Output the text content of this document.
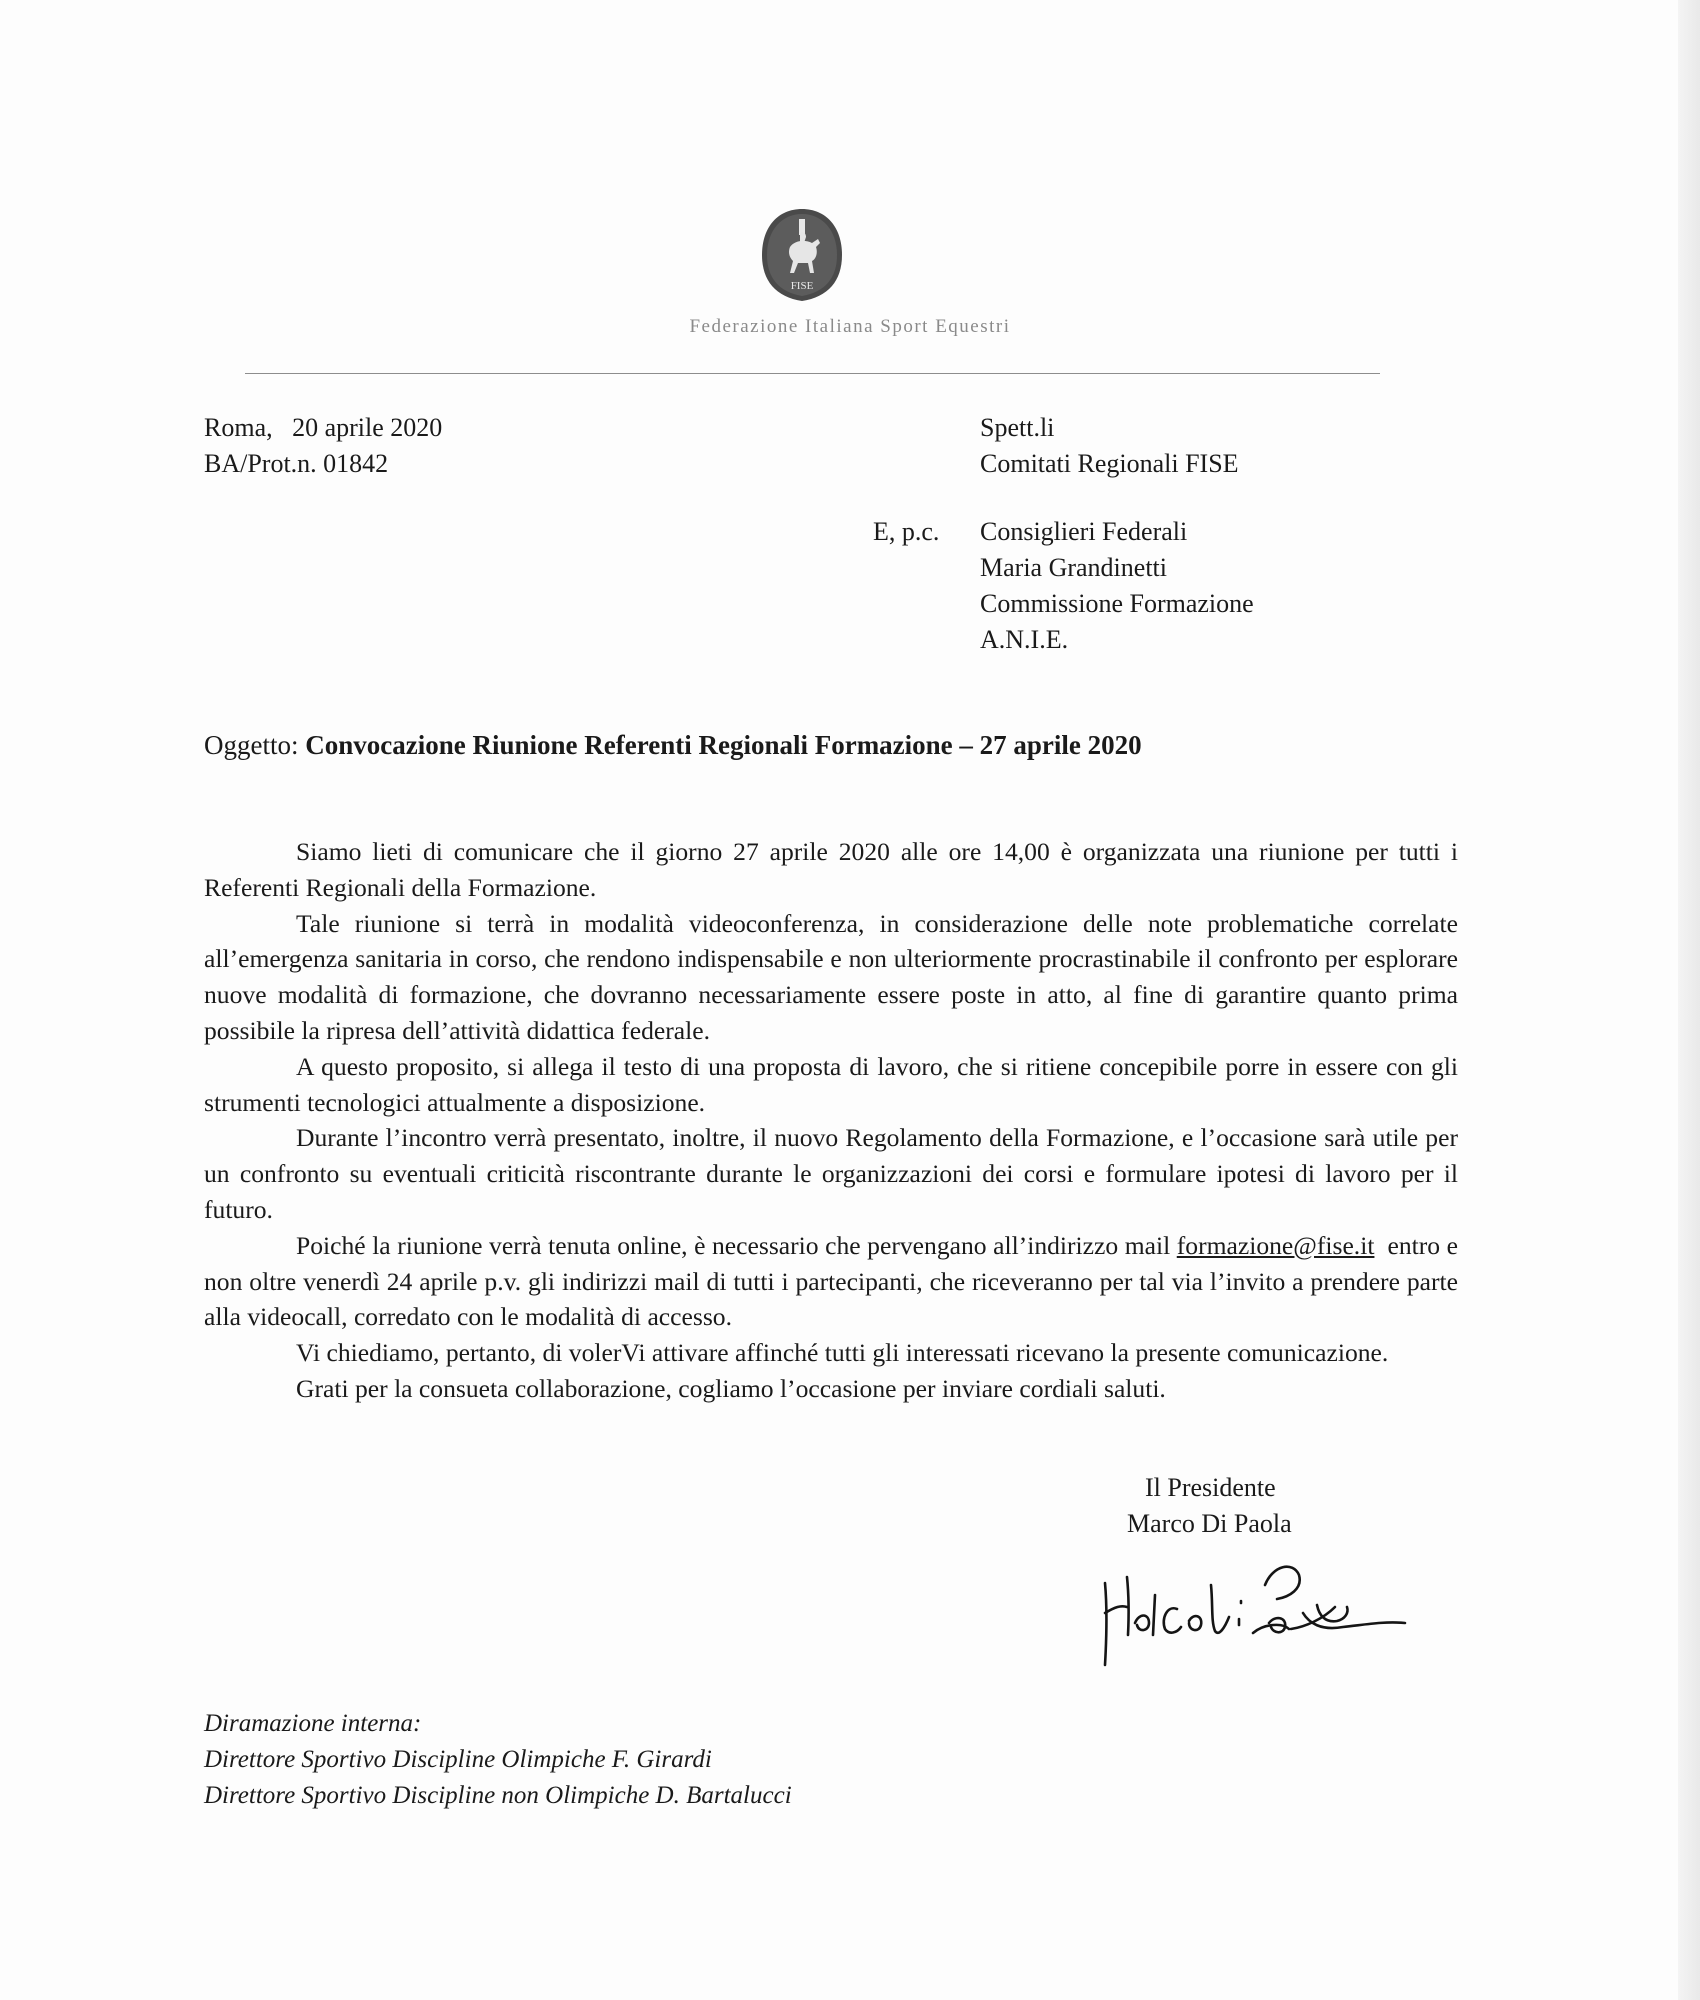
FISE
Federazione Italiana Sport Equestri
Roma,   20 aprile 2020
BA/Prot.n. 01842
Spett.li
Comitati Regionali FISE
E, p.c. Consiglieri Federali
Maria Grandinetti
Commissione Formazione
A.N.I.E.
Oggetto: Convocazione Riunione Referenti Regionali Formazione – 27 aprile 2020

Siamo lieti di comunicare che il giorno 27 aprile 2020 alle ore 14,00 è organizzata una riunione per tutti i Referenti Regionali della Formazione.

Tale riunione si terrà in modalità videoconferenza, in considerazione delle note problematiche correlate all’emergenza sanitaria in corso, che rendono indispensabile e non ulteriormente procrastinabile il confronto per esplorare nuove modalità di formazione, che dovranno necessariamente essere poste in atto, al fine di garantire quanto prima possibile la ripresa dell’attività didattica federale.

A questo proposito, si allega il testo di una proposta di lavoro, che si ritiene concepibile porre in essere con gli strumenti tecnologici attualmente a disposizione.

Durante l’incontro verrà presentato, inoltre, il nuovo Regolamento della Formazione, e l’occasione sarà utile per un confronto su eventuali criticità riscontrante durante le organizzazioni dei corsi e formulare ipotesi di lavoro per il futuro.

Poiché la riunione verrà tenuta online, è necessario che pervengano all’indirizzo mail formazione@fise.it  entro e non oltre venerdì 24 aprile p.v. gli indirizzi mail di tutti i partecipanti, che riceveranno per tal via l’invito a prendere parte alla videocall, corredato con le modalità di accesso.

Vi chiediamo, pertanto, di volerVi attivare affinché tutti gli interessati ricevano la presente comunicazione.

Grati per la consueta collaborazione, cogliamo l’occasione per inviare cordiali saluti.

Il Presidente
Marco Di Paola
Diramazione interna:
Direttore Sportivo Discipline Olimpiche F. Girardi
Direttore Sportivo Discipline non Olimpiche D. Bartalucci
